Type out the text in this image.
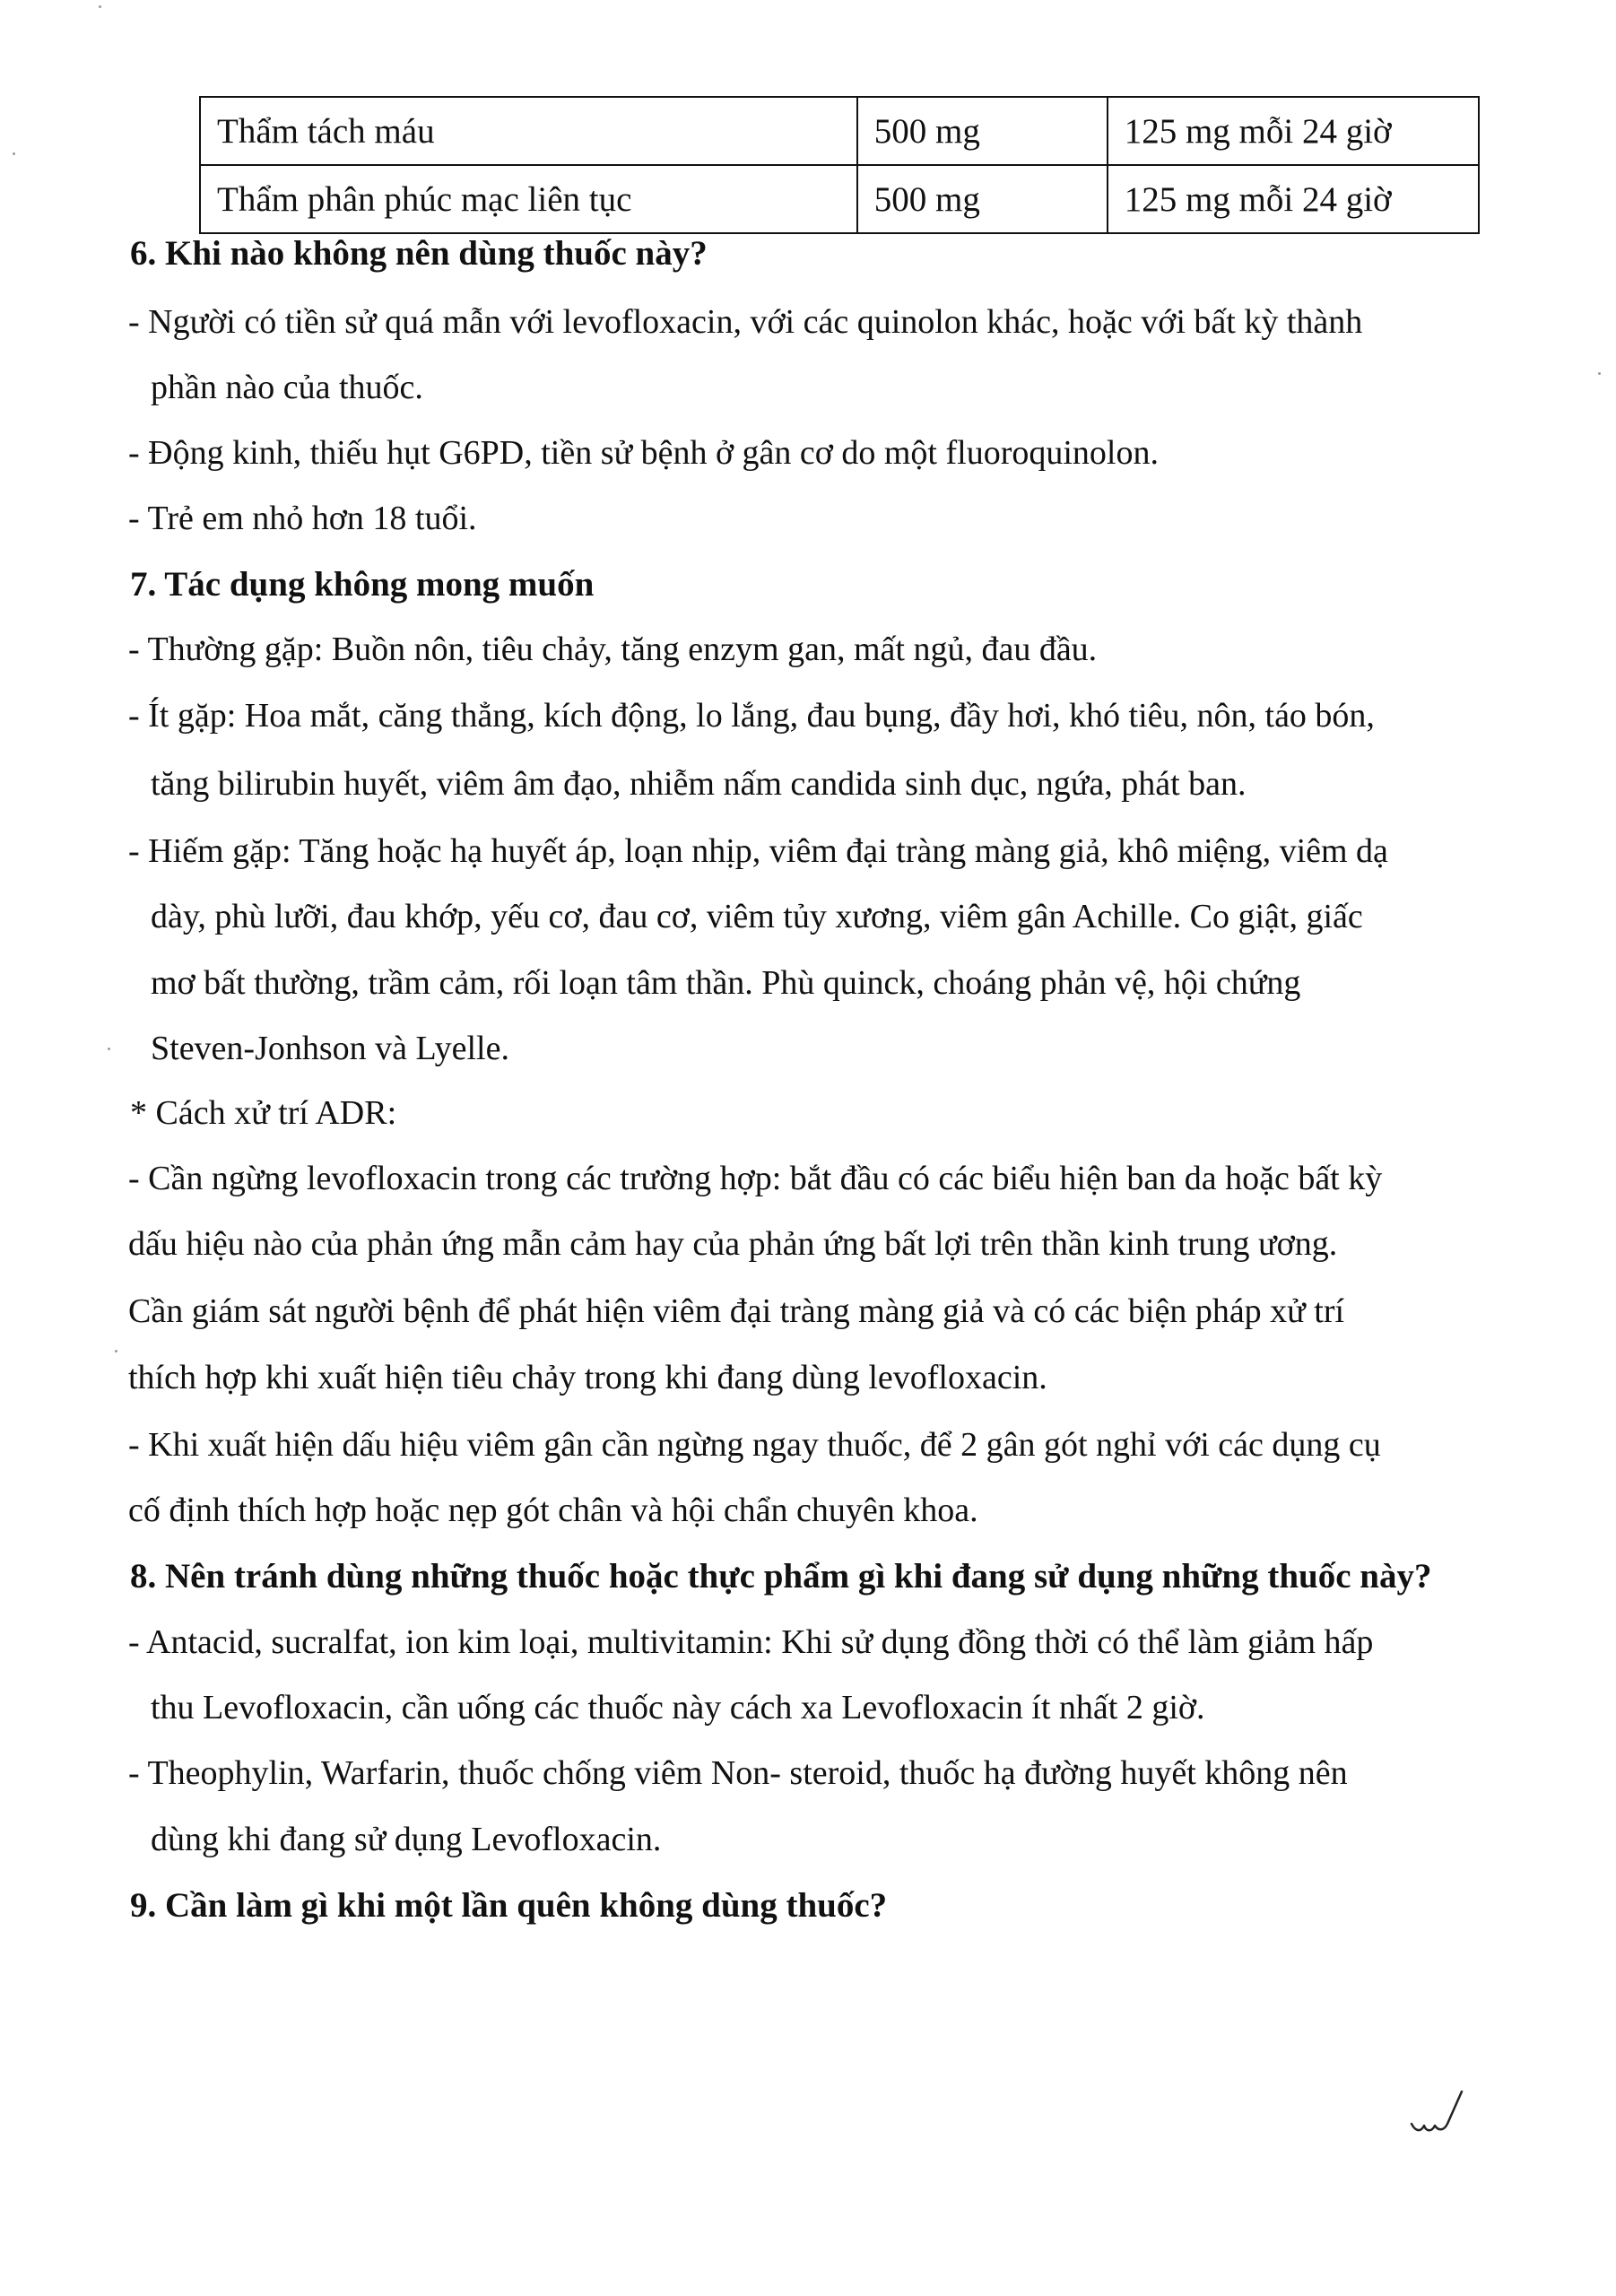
Thẩm tách máu	500 mg	125 mg mỗi 24 giờ
Thẩm phân phúc mạc liên tục	500 mg	125 mg mỗi 24 giờ
6. Khi nào không nên dùng thuốc này?
- Người có tiền sử quá mẫn với levofloxacin, với các quinolon khác, hoặc với bất kỳ thành
phần nào của thuốc.
- Động kinh, thiếu hụt G6PD, tiền sử bệnh ở gân cơ do một fluoroquinolon.
- Trẻ em nhỏ hơn 18 tuổi.
7. Tác dụng không mong muốn
- Thường gặp: Buồn nôn, tiêu chảy, tăng enzym gan, mất ngủ, đau đầu.
- Ít gặp: Hoa mắt, căng thẳng, kích động, lo lắng, đau bụng, đầy hơi, khó tiêu, nôn, táo bón,
tăng bilirubin huyết, viêm âm đạo, nhiễm nấm candida sinh dục, ngứa, phát ban.
- Hiếm gặp: Tăng hoặc hạ huyết áp, loạn nhịp, viêm đại tràng màng giả, khô miệng, viêm dạ
dày, phù lưỡi, đau khớp, yếu cơ, đau cơ, viêm tủy xương, viêm gân Achille. Co giật, giấc
mơ bất thường, trầm cảm, rối loạn tâm thần. Phù quinck, choáng phản vệ, hội chứng
Steven-Jonhson và Lyelle.
* Cách xử trí ADR:
- Cần ngừng levofloxacin trong các trường hợp: bắt đầu có các biểu hiện ban da hoặc bất kỳ
dấu hiệu nào của phản ứng mẫn cảm hay của phản ứng bất lợi trên thần kinh trung ương.
Cần giám sát người bệnh để phát hiện viêm đại tràng màng giả và có các biện pháp xử trí
thích hợp khi xuất hiện tiêu chảy trong khi đang dùng levofloxacin.
- Khi xuất hiện dấu hiệu viêm gân cần ngừng ngay thuốc, để 2 gân gót nghỉ với các dụng cụ
cố định thích hợp hoặc nẹp gót chân và hội chẩn chuyên khoa.
8. Nên tránh dùng những thuốc hoặc thực phẩm gì khi đang sử dụng những thuốc này?
- Antacid, sucralfat, ion kim loại, multivitamin: Khi sử dụng đồng thời có thể làm giảm hấp
thu Levofloxacin, cần uống các thuốc này cách xa Levofloxacin ít nhất 2 giờ.
- Theophylin, Warfarin, thuốc chống viêm Non- steroid, thuốc hạ đường huyết không nên
dùng khi đang sử dụng Levofloxacin.
9. Cần làm gì khi một lần quên không dùng thuốc?
